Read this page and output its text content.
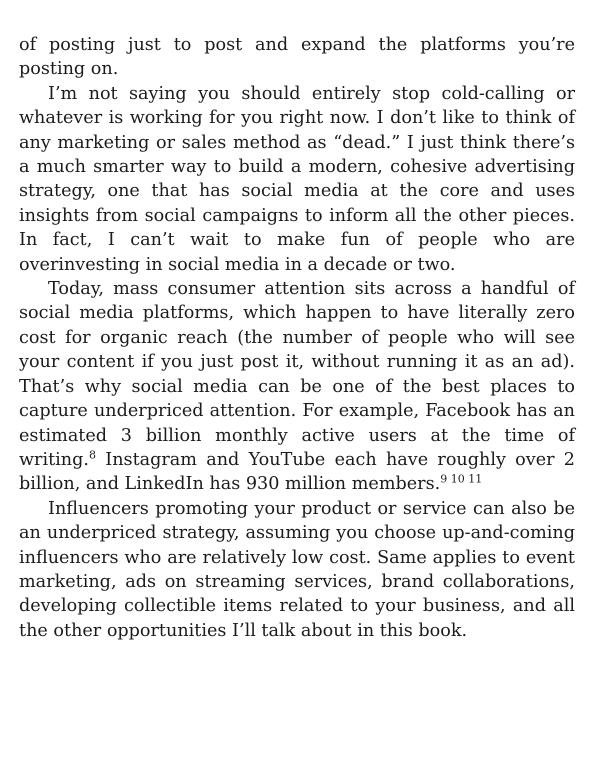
of posting just to post and expand the platforms you’re posting on.

I’m not saying you should entirely stop cold-calling or whatever is working for you right now. I don’t like to think of any marketing or sales method as “dead.” I just think there’s a much smarter way to build a modern, cohesive advertising strategy, one that has social media at the core and uses insights from social campaigns to inform all the other pieces. In fact, I can’t wait to make fun of people who are overinvesting in social media in a decade or two.

Today, mass consumer attention sits across a handful of social media platforms, which happen to have literally zero cost for organic reach (the number of people who will see your content if you just post it, without running it as an ad). That’s why social media can be one of the best places to capture underpriced attention. For example, Facebook has an estimated 3 billion monthly active users at the time of writing.$^8$ Instagram and YouTube each have roughly over 2 billion, and LinkedIn has 930 million members.$^{9 10 11}$

Influencers promoting your product or service can also be an underpriced strategy, assuming you choose up-and-coming influencers who are relatively low cost. Same applies to event marketing, ads on streaming services, brand collaborations, developing collectible items related to your business, and all the other opportunities I’ll talk about in this book.
